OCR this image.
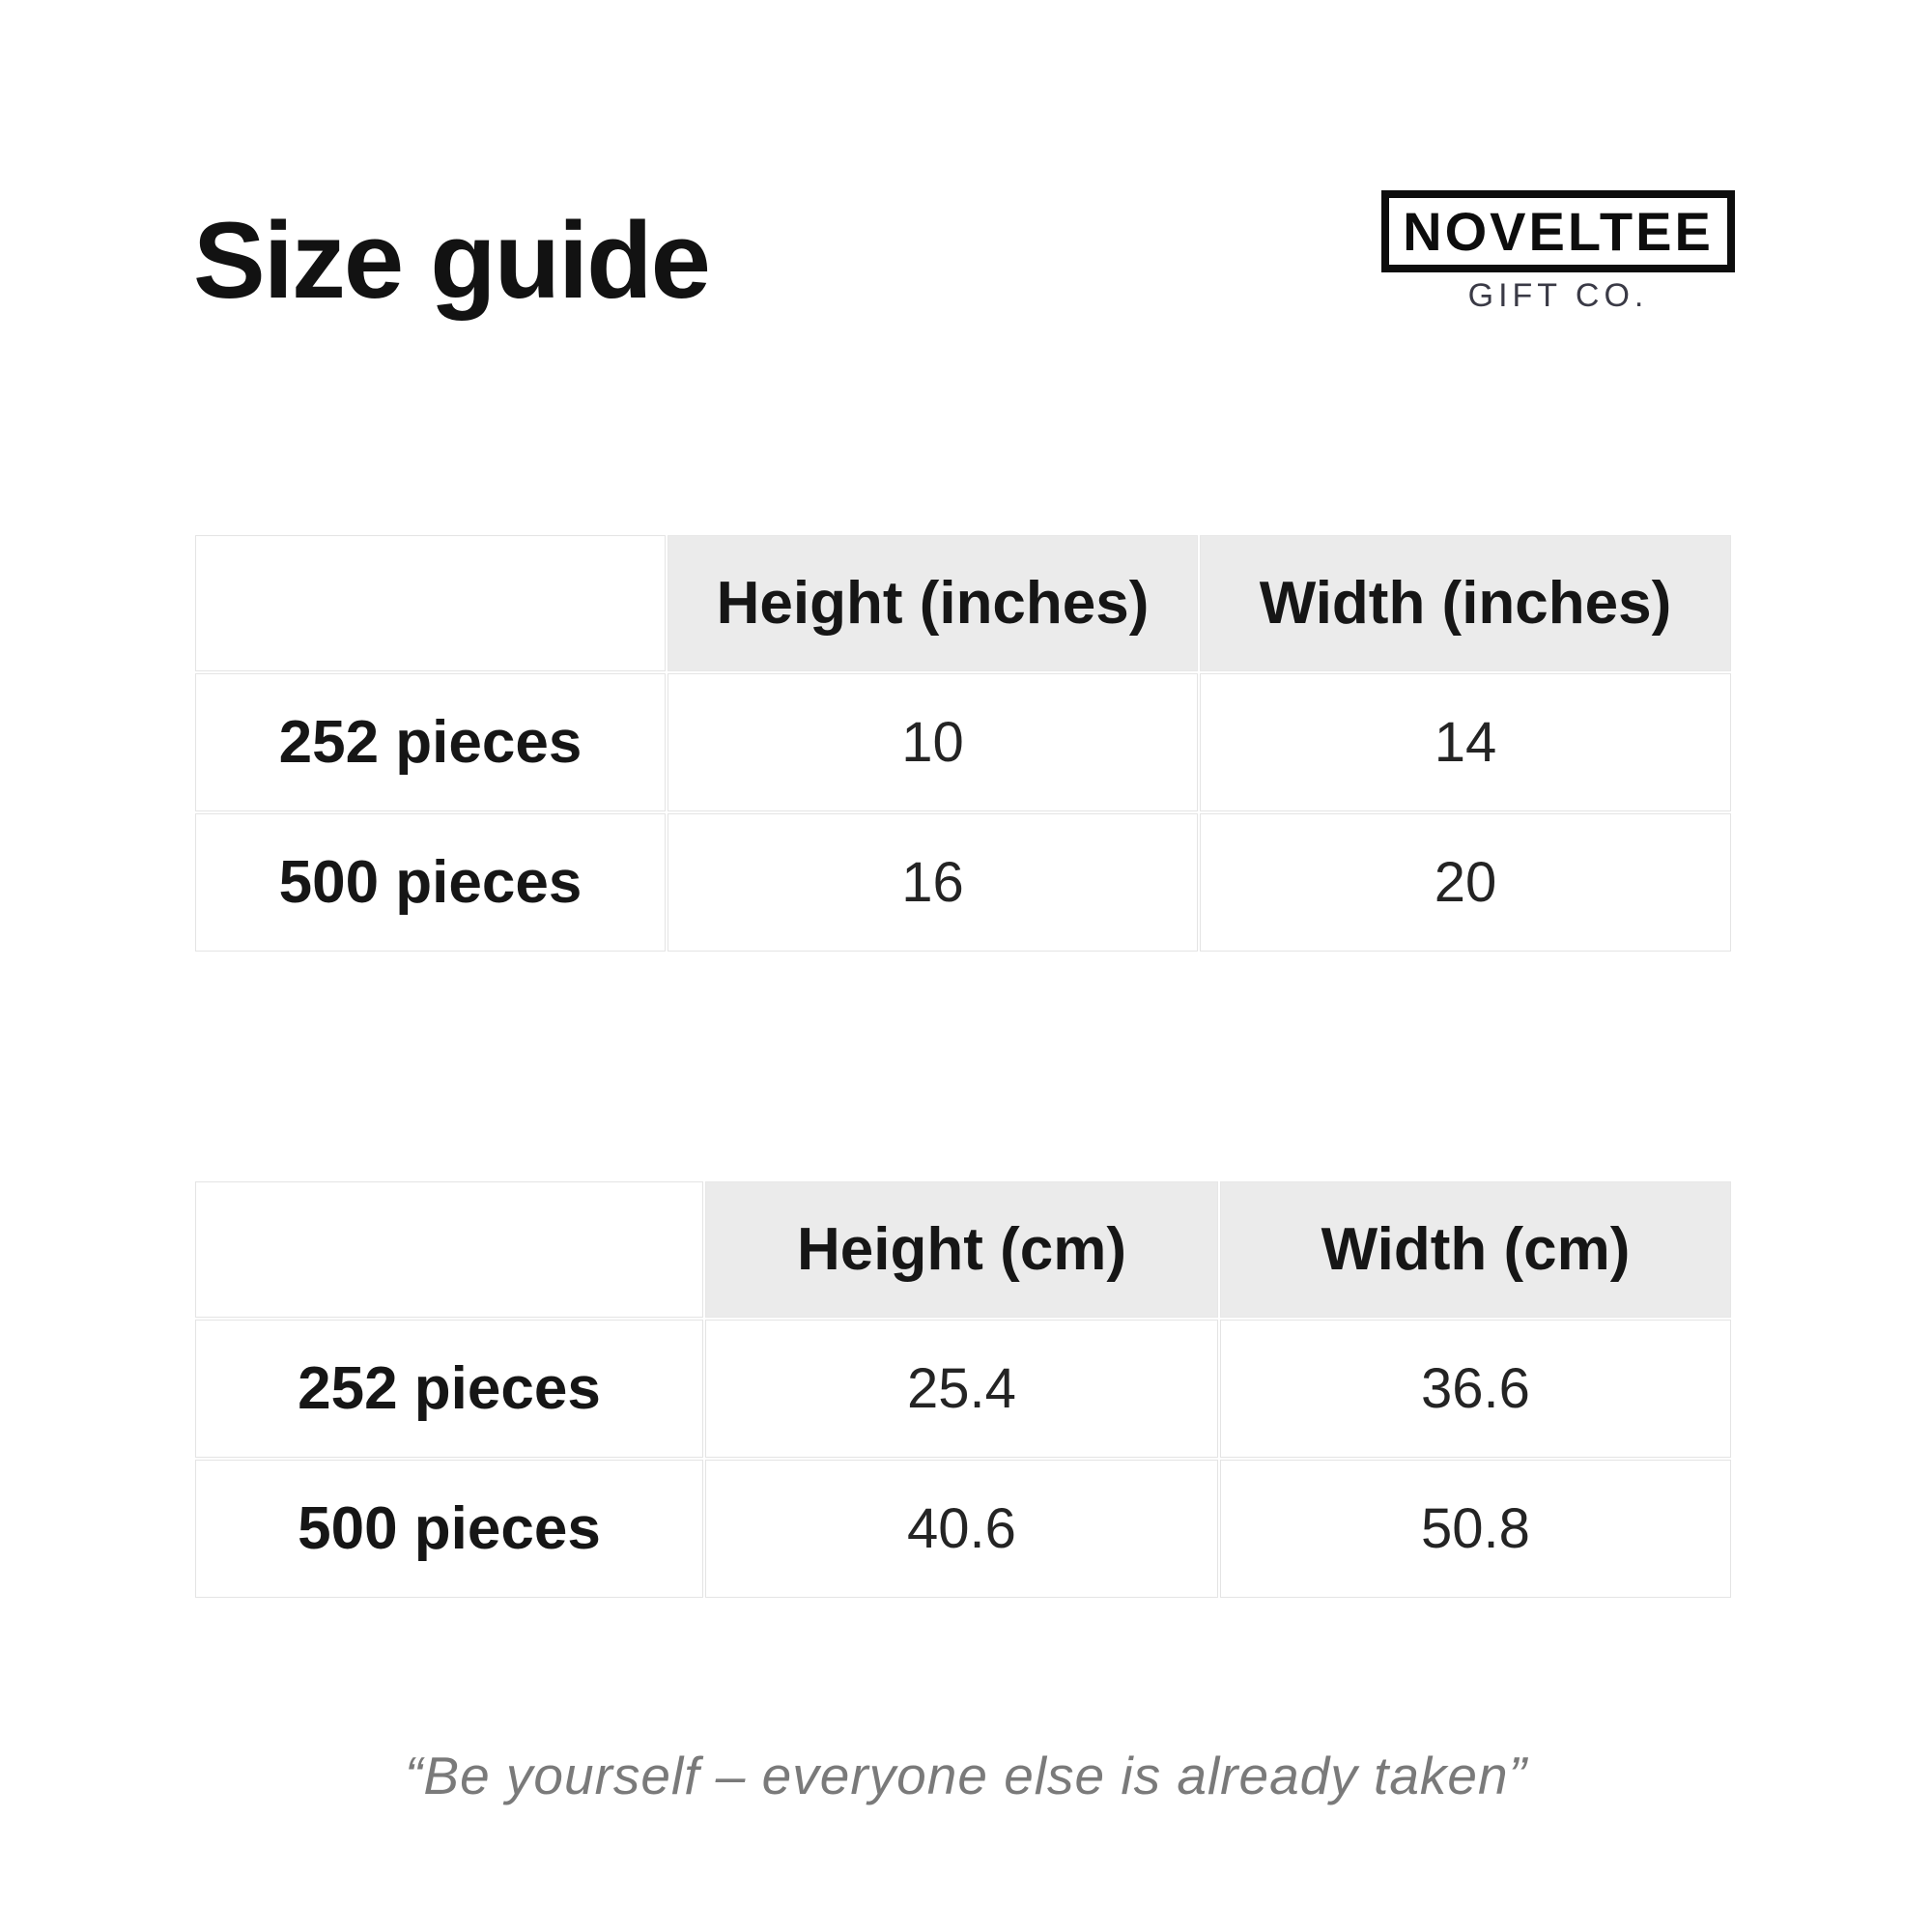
Size guide	NOVELTEE
GIFT CO.
	Height (inches)	Width (inches)
252 pieces	10	14
500 pieces	16	20
	Height (cm)	Width (cm)
252 pieces	25.4	36.6
500 pieces	40.6	50.8
“Be yourself – everyone else is already taken”
